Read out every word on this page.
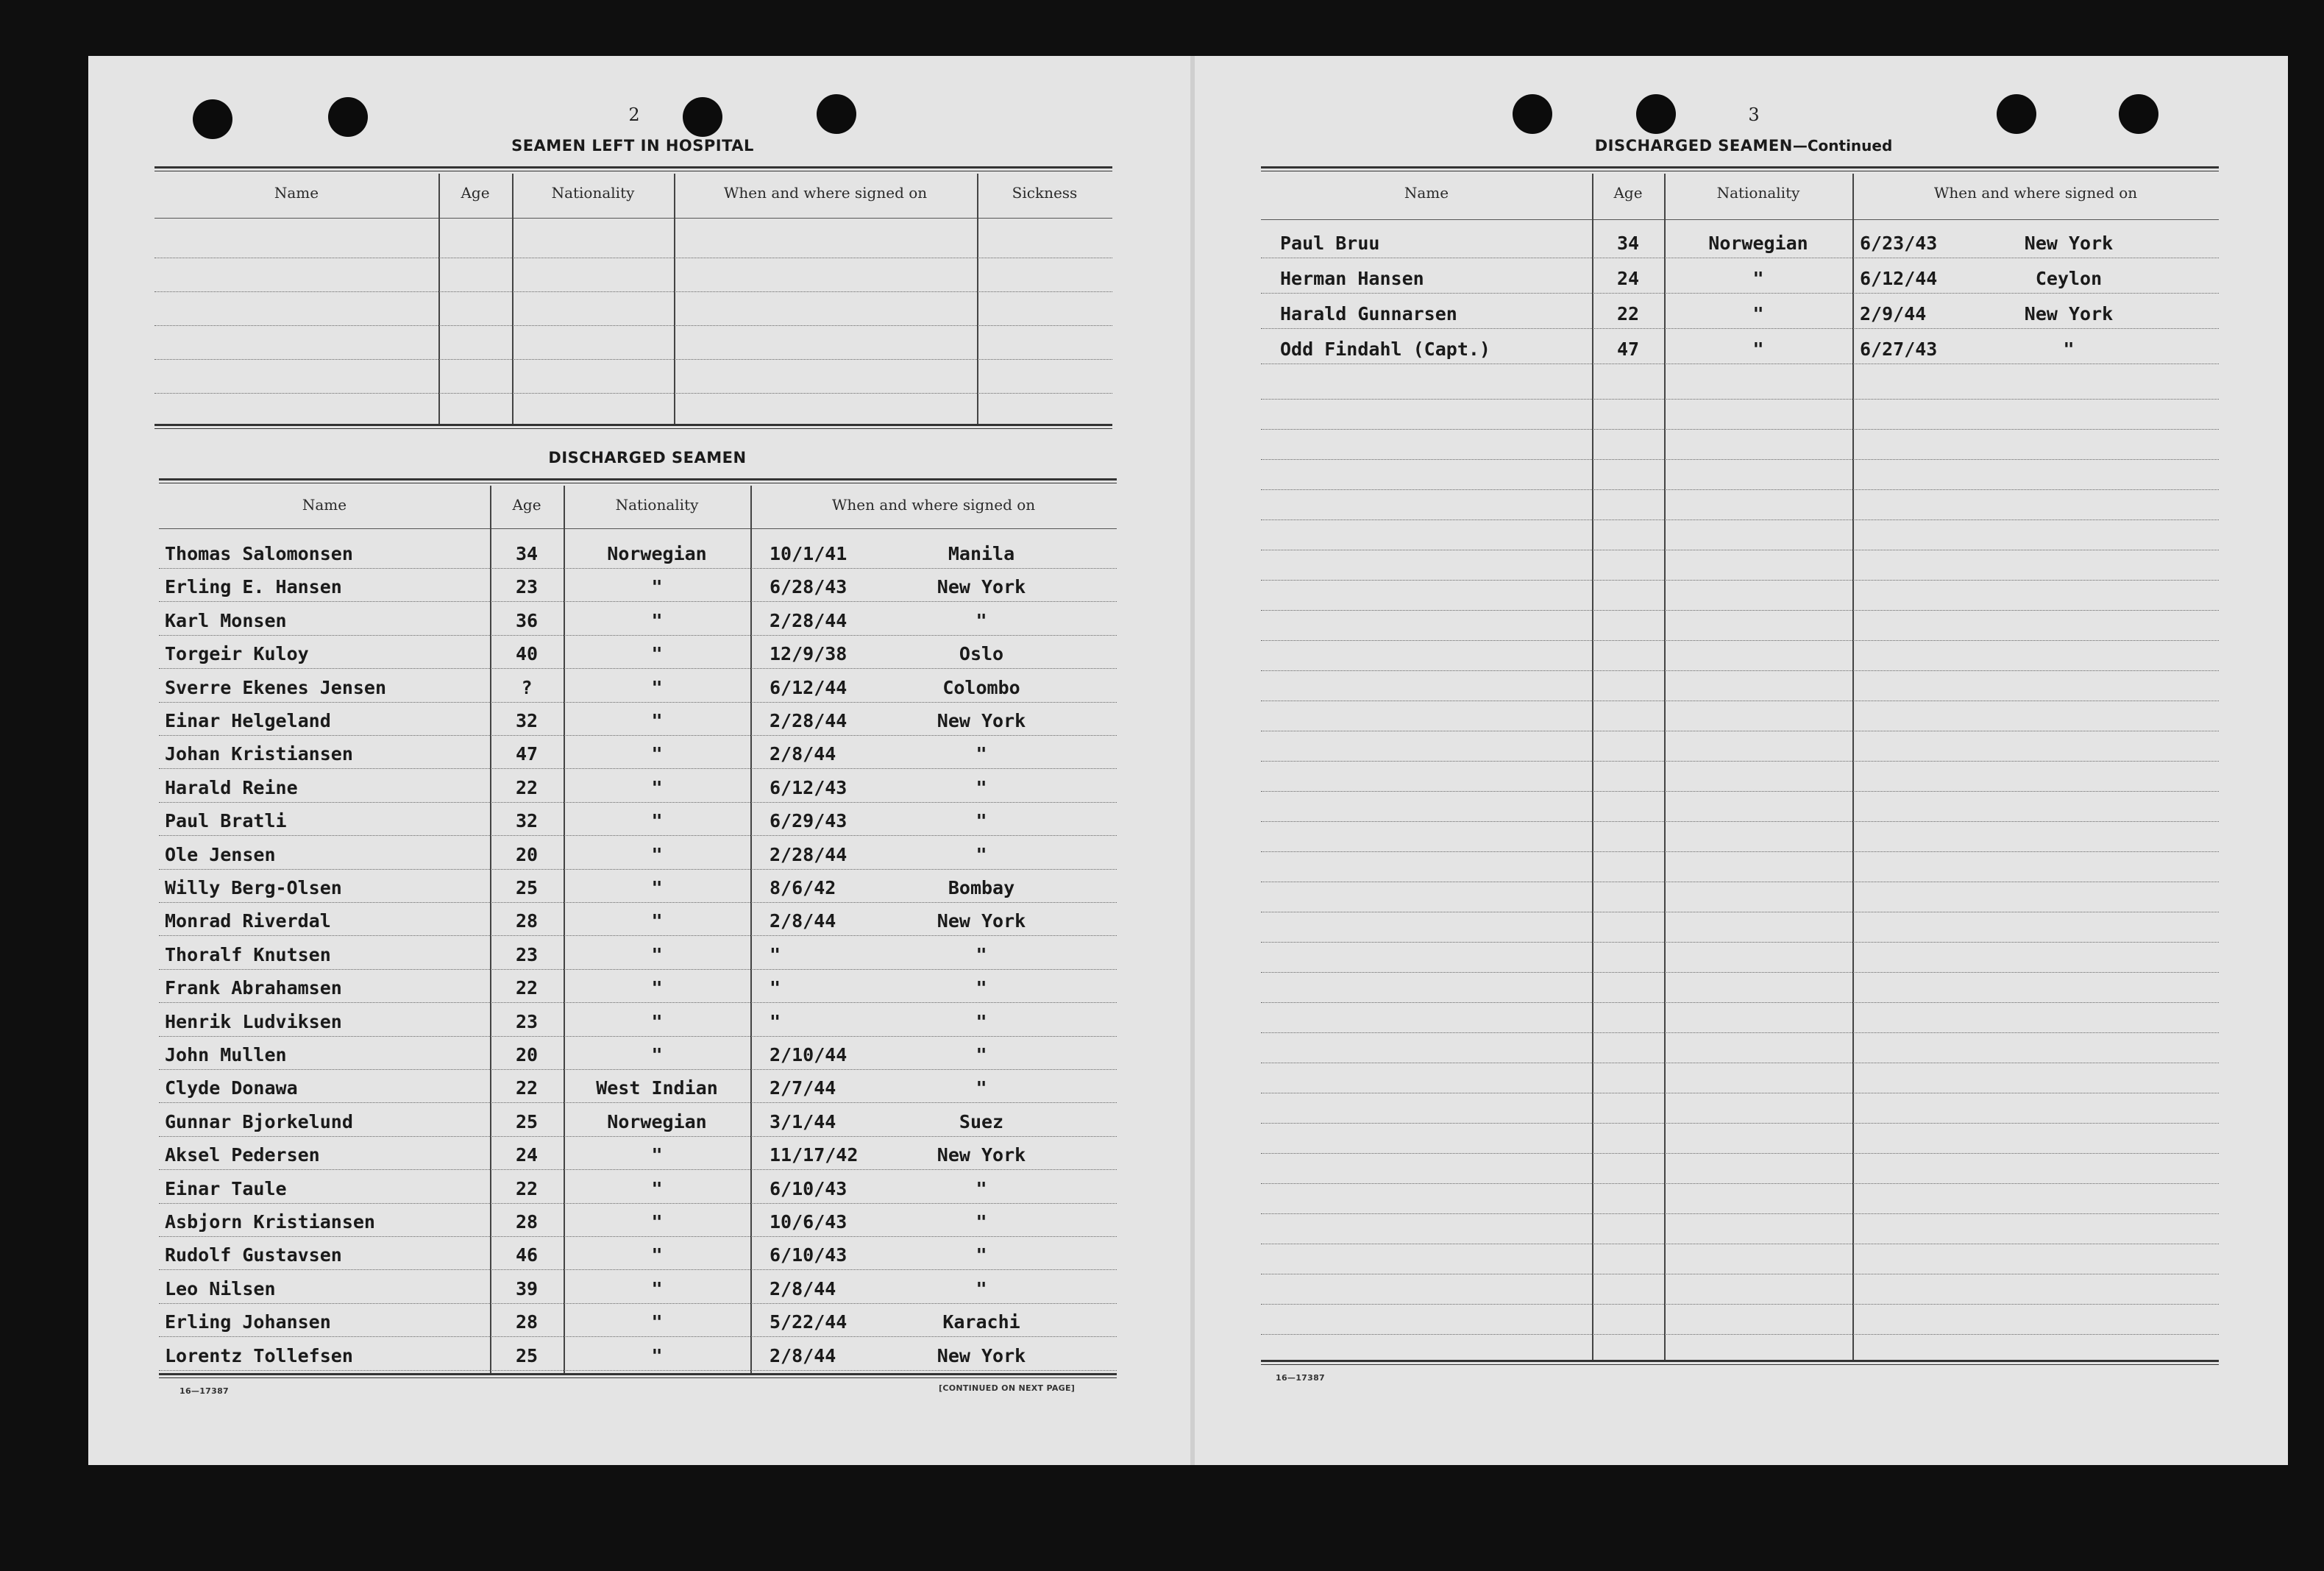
2
SEAMEN LEFT IN HOSPITAL
Name	Age	Nationality	When and where signed on	Sickness
DISCHARGED SEAMEN
Name	Age	Nationality	When and where signed on
Thomas Salomonsen	34	Norwegian	10/1/41	Manila
Erling E. Hansen	23	"	6/28/43	New York
Karl Monsen	36	"	2/28/44	"
Torgeir Kuloy	40	"	12/9/38	Oslo
Sverre Ekenes Jensen	?	"	6/12/44	Colombo
Einar Helgeland	32	"	2/28/44	New York
Johan Kristiansen	47	"	2/8/44	"
Harald Reine	22	"	6/12/43	"
Paul Bratli	32	"	6/29/43	"
Ole Jensen	20	"	2/28/44	"
Willy Berg-Olsen	25	"	8/6/42	Bombay
Monrad Riverdal	28	"	2/8/44	New York
Thoralf Knutsen	23	"	"	"
Frank Abrahamsen	22	"	"	"
Henrik Ludviksen	23	"	"	"
John Mullen	20	"	2/10/44	"
Clyde Donawa	22	West Indian	2/7/44	"
Gunnar Bjorkelund	25	Norwegian	3/1/44	Suez
Aksel Pedersen	24	"	11/17/42	New York
Einar Taule	22	"	6/10/43	"
Asbjorn Kristiansen	28	"	10/6/43	"
Rudolf Gustavsen	46	"	6/10/43	"
Leo Nilsen	39	"	2/8/44	"
Erling Johansen	28	"	5/22/44	Karachi
Lorentz Tollefsen	25	"	2/8/44	New York
16—17387	[CONTINUED ON NEXT PAGE]
3
DISCHARGED SEAMEN—Continued
Name	Age	Nationality	When and where signed on
Paul Bruu	34	Norwegian	6/23/43	New York
Herman Hansen	24	"	6/12/44	Ceylon
Harald Gunnarsen	22	"	2/9/44	New York
Odd Findahl (Capt.)	47	"	6/27/43	"
16—17387
